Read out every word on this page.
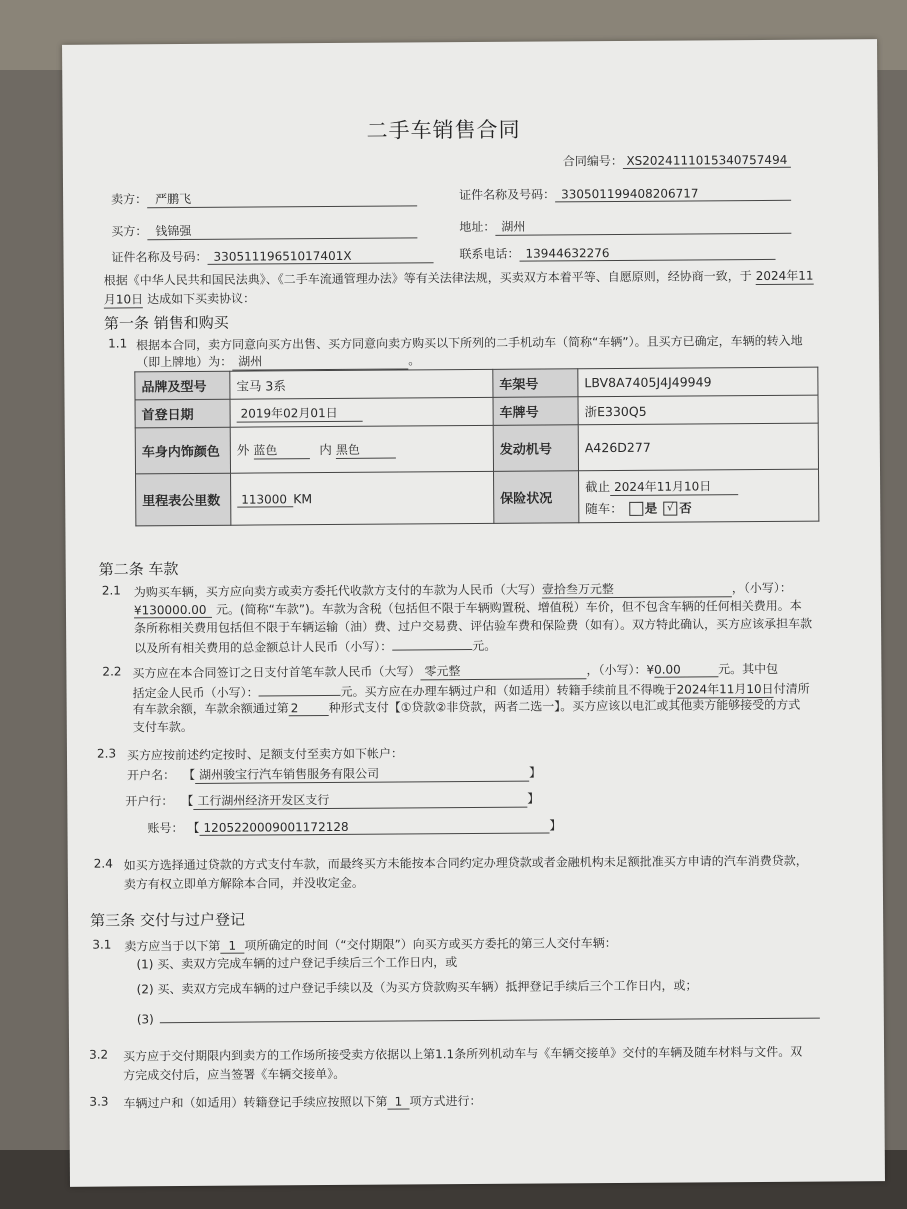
二手车销售合同
合同编号： XS2024111015340757494
卖方： 严鹏飞	证件名称及号码： 330501199408206717
买方： 钱锦强	地址： 湖州
证件名称及号码： 33051119651017401X	联系电话： 13944632276
根据《中华人民共和国民法典》、《二手车流通管理办法》等有关法律法规，买卖双方本着平等、自愿原则，经协商一致，于 2024年11
月10日 达成如下买卖协议：
第一条 销售和购买
1.1 根据本合同，卖方同意向买方出售、买方同意向卖方购买以下所列的二手机动车（简称“车辆”）。且买方已确定，车辆的转入地
（即上牌地）为： 湖州	。
品牌及型号	宝马 3系	车架号	LBV8A7405J4J49949
首登日期	2019年02月01日	车牌号	浙E330Q5
车身内饰颜色	外 蓝色 内 黑色	发动机号	A426D277
里程表公里数	113000 KM	保险状况	截止 2024年11月10日
随车： 是 √ 否
第二条 车款
2.1 为购买车辆，买方应向卖方或卖方委托代收款方支付的车款为人民币（大写）壹拾叁万元整	，（小写）：
¥130000.00 元。(简称“车款”)。车款为含税（包括但不限于车辆购置税、增值税）车价，但不包含车辆的任何相关费用。本
条所称相关费用包括但不限于车辆运输（油）费、过户交易费、评估验车费和保险费（如有）。双方特此确认，买方应该承担车款
以及所有相关费用的总金额总计人民币（小写）：	元。
2.2 买方应在本合同签订之日支付首笔车款人民币（大写） 零元整	，（小写）：¥0.00	元。其中包
括定金人民币（小写）：	元。买方应在办理车辆过户和（如适用）转籍手续前且不得晚于2024年11月10日付清所
有车款余额，车款余额通过第 2	种形式支付【①贷款②非贷款，两者二选一】。买方应该以电汇或其他卖方能够接受的方式
支付车款。
2.3 买方应按前述约定按时、足额支付至卖方如下帐户：
开户名： 【 湖州骏宝行汽车销售服务有限公司	】
开户行： 【 工行湖州经济开发区支行	】
账号： 【 1205220009001172128	】
2.4 如买方选择通过贷款的方式支付车款，而最终买方未能按本合同约定办理贷款或者金融机构未足额批准买方申请的汽车消费贷款，
卖方有权立即单方解除本合同，并没收定金。
第三条 交付与过户登记
3.1 卖方应当于以下第 1 项所确定的时间（“交付期限”）向买方或买方委托的第三人交付车辆：
(1) 买、卖双方完成车辆的过户登记手续后三个工作日内，或
(2) 买、卖双方完成车辆的过户登记手续以及（为买方贷款购买车辆）抵押登记手续后三个工作日内，或；
(3)
3.2 买方应于交付期限内到卖方的工作场所接受卖方依据以上第1.1条所列机动车与《车辆交接单》交付的车辆及随车材料与文件。双
方完成交付后，应当签署《车辆交接单》。
3.3 车辆过户和（如适用）转籍登记手续应按照以下第 1 项方式进行：
